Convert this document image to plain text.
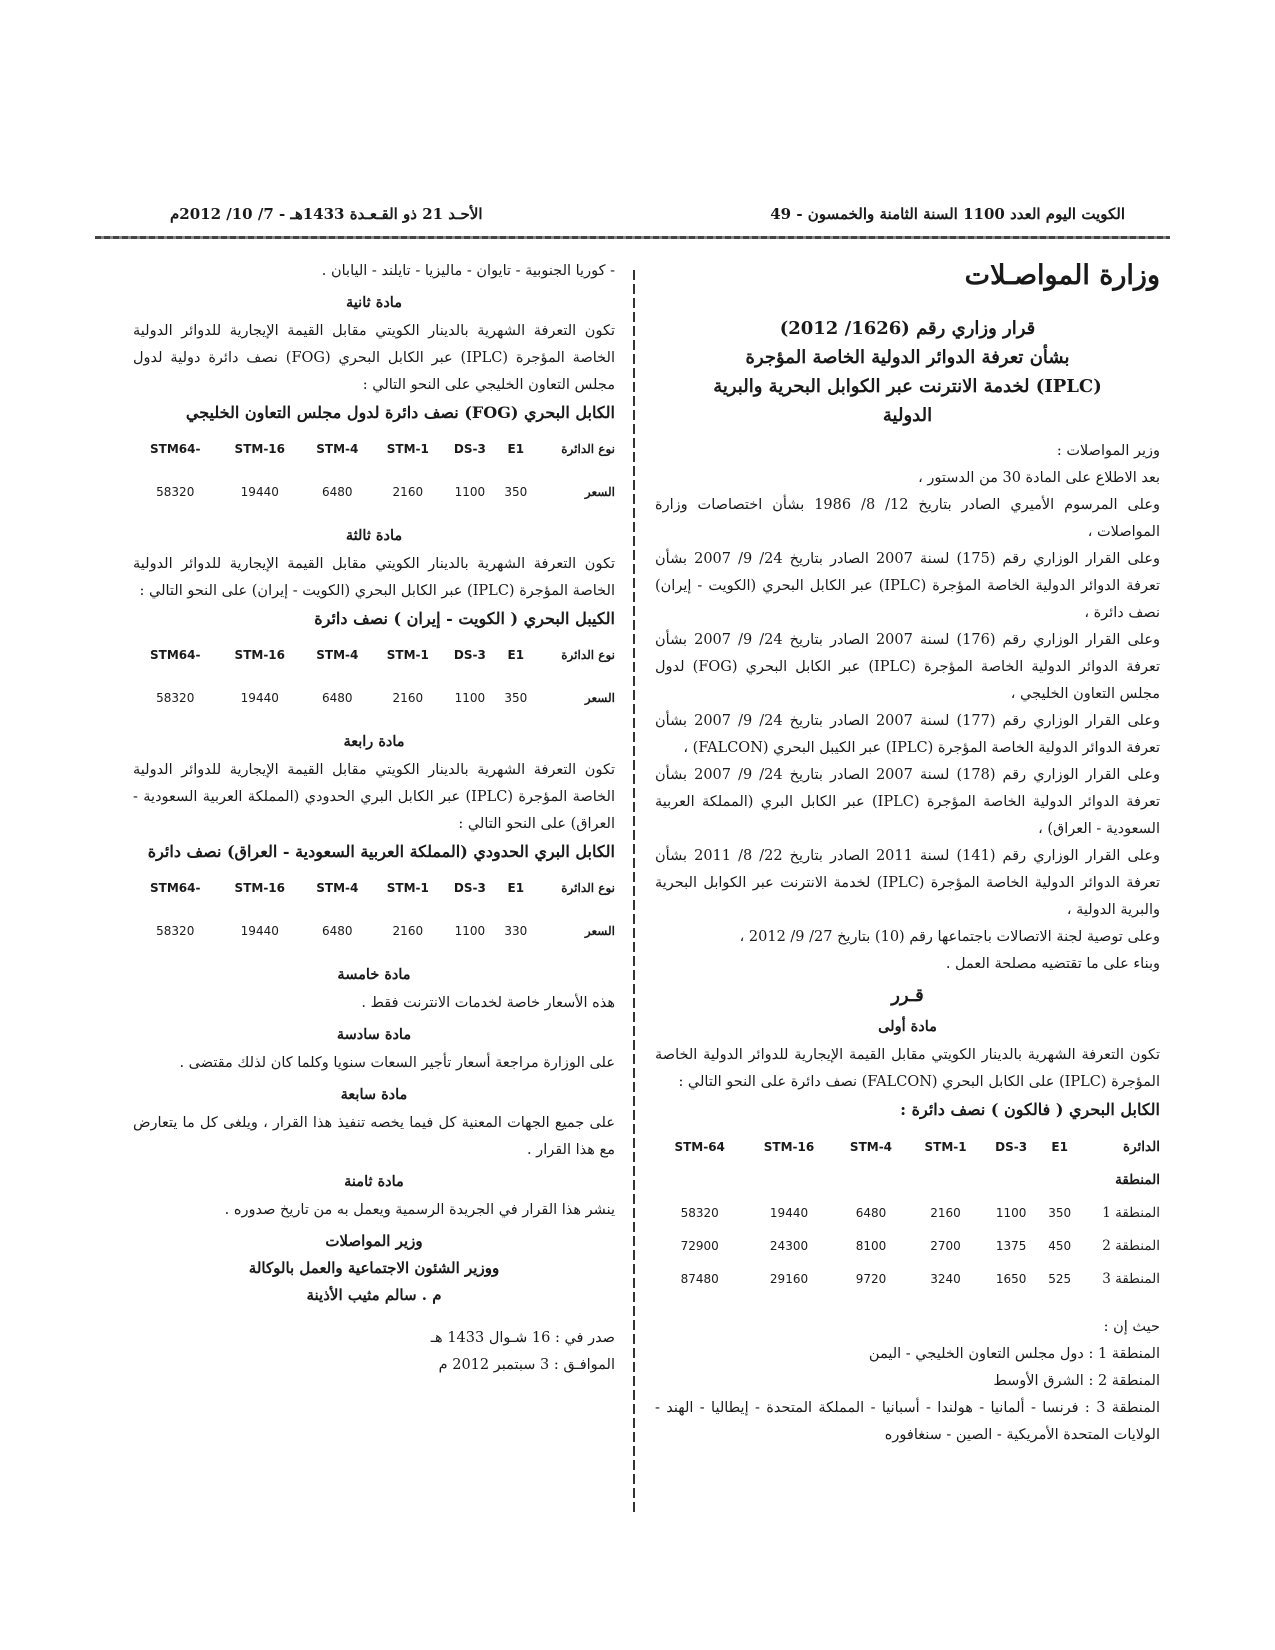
الكويت اليوم العدد 1100 السنة الثامنة والخمسون - 49
الأحـد 21 ذو القـعـدة 1433هـ - 7/ 10/ 2012م
وزارة المواصـلات
قرار وزاري رقم (1626/ 2012)
بشأن تعرفة الدوائر الدولية الخاصة المؤجرة
(IPLC) لخدمة الانترنت عبر الكوابل البحرية والبرية
الدولية

وزير المواصلات :

بعد الاطلاع على المادة 30 من الدستور ،

وعلى المرسوم الأميري الصادر بتاريخ 12/ 8/ 1986 بشأن اختصاصات وزارة المواصلات ،

وعلى القرار الوزاري رقم (175) لسنة 2007 الصادر بتاريخ 24/ 9/ 2007 بشأن تعرفة الدوائر الدولية الخاصة المؤجرة (IPLC) عبر الكابل البحري (الكويت - إيران) نصف دائرة ،

وعلى القرار الوزاري رقم (176) لسنة 2007 الصادر بتاريخ 24/ 9/ 2007 بشأن تعرفة الدوائر الدولية الخاصة المؤجرة (IPLC) عبر الكابل البحري (FOG) لدول مجلس التعاون الخليجي ،

وعلى القرار الوزاري رقم (177) لسنة 2007 الصادر بتاريخ 24/ 9/ 2007 بشأن تعرفة الدوائر الدولية الخاصة المؤجرة (IPLC) عبر الكيبل البحري (FALCON) ،

وعلى القرار الوزاري رقم (178) لسنة 2007 الصادر بتاريخ 24/ 9/ 2007 بشأن تعرفة الدوائر الدولية الخاصة المؤجرة (IPLC) عبر الكابل البري (المملكة العربية السعودية - العراق) ،

وعلى القرار الوزاري رقم (141) لسنة 2011 الصادر بتاريخ 22/ 8/ 2011 بشأن تعرفة الدوائر الدولية الخاصة المؤجرة (IPLC) لخدمة الانترنت عبر الكوابل البحرية والبرية الدولية ،

وعلى توصية لجنة الاتصالات باجتماعها رقم (10) بتاريخ 27/ 9/ 2012 ،

وبناء على ما تقتضيه مصلحة العمل .

قـرر
مادة أولى

تكون التعرفة الشهرية بالدينار الكويتي مقابل القيمة الإيجارية للدوائر الدولية الخاصة المؤجرة (IPLC) على الكابل البحري (FALCON) نصف دائرة على النحو التالي :

الكابل البحري ( فالكون ) نصف دائرة :

STM-64	STM-16	STM-4	STM-1	DS-3	E1	الدائرة
						المنطقة
58320	19440	6480	2160	1100	350	المنطقة 1
72900	24300	8100	2700	1375	450	المنطقة 2
87480	29160	9720	3240	1650	525	المنطقة 3

حيث إن :

المنطقة 1 : دول مجلس التعاون الخليجي - اليمن

المنطقة 2 : الشرق الأوسط

المنطقة 3 : فرنسا - ألمانيا - هولندا - أسبانيا - المملكة المتحدة - إيطاليا - الهند - الولايات المتحدة الأمريكية - الصين - سنغافوره

- كوريا الجنوبية - تايوان - ماليزيا - تايلند - اليابان .

مادة ثانية

تكون التعرفة الشهرية بالدينار الكويتي مقابل القيمة الإيجارية للدوائر الدولية الخاصة المؤجرة (IPLC) عبر الكابل البحري (FOG) نصف دائرة دولية لدول مجلس التعاون الخليجي على النحو التالي :

الكابل البحري (FOG) نصف دائرة لدول مجلس التعاون الخليجي

STM64-	STM-16	STM-4	STM-1	DS-3	E1	نوع الدائرة
58320	19440	6480	2160	1100	350	السعر
مادة ثالثة

تكون التعرفة الشهرية بالدينار الكويتي مقابل القيمة الإيجارية للدوائر الدولية الخاصة المؤجرة (IPLC) عبر الكابل البحري (الكويت - إيران) على النحو التالي :

الكيبل البحري ( الكويت - إيران ) نصف دائرة

STM64-	STM-16	STM-4	STM-1	DS-3	E1	نوع الدائرة
58320	19440	6480	2160	1100	350	السعر
مادة رابعة

تكون التعرفة الشهرية بالدينار الكويتي مقابل القيمة الإيجارية للدوائر الدولية الخاصة المؤجرة (IPLC) عبر الكابل البري الحدودي (المملكة العربية السعودية - العراق) على النحو التالي :

الكابل البري الحدودي (المملكة العربية السعودية - العراق) نصف دائرة

STM64-	STM-16	STM-4	STM-1	DS-3	E1	نوع الدائرة
58320	19440	6480	2160	1100	330	السعر
مادة خامسة

هذه الأسعار خاصة لخدمات الانترنت فقط .

مادة سادسة

على الوزارة مراجعة أسعار تأجير السعات سنويا وكلما كان لذلك مقتضى .

مادة سابعة

على جميع الجهات المعنية كل فيما يخصه تنفيذ هذا القرار ، ويلغى كل ما يتعارض مع هذا القرار .

مادة ثامنة

ينشر هذا القرار في الجريدة الرسمية ويعمل به من تاريخ صدوره .

وزير المواصلات

ووزير الشئون الاجتماعية والعمل بالوكالة

م . سالم مثيب الأذينة

صدر في : 16 شـوال 1433 هـ

الموافـق : 3 سبتمبر 2012 م
